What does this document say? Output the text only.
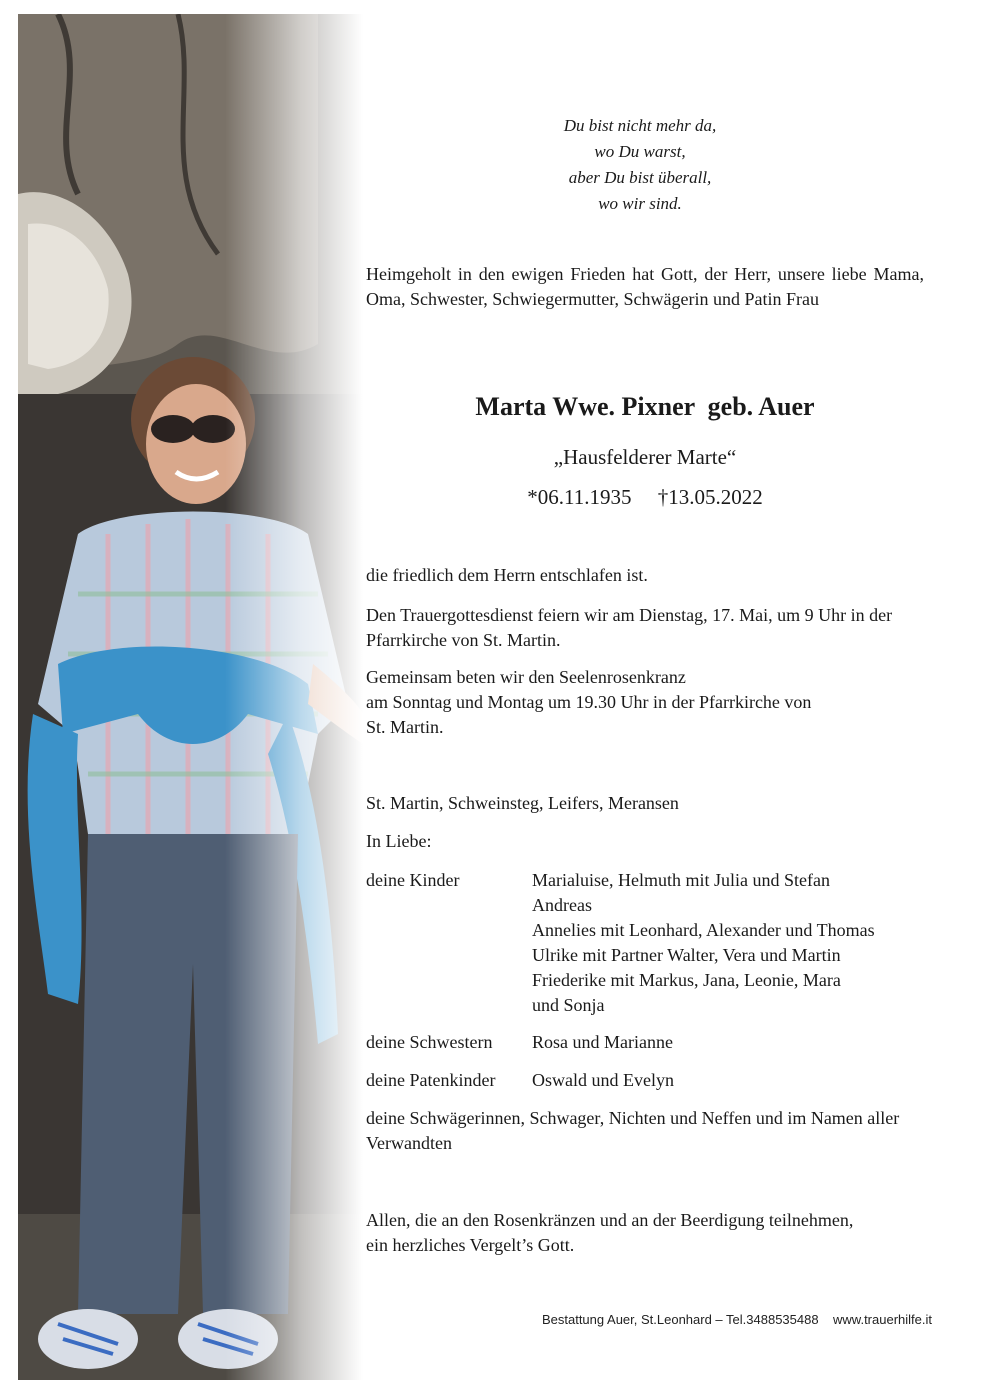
Du bist nicht mehr da,
wo Du warst,
aber Du bist überall,
wo wir sind.
Heimgeholt in den ewigen Frieden hat Gott, der Herr, unsere liebe Mama, Oma, Schwester, Schwiegermutter, Schwägerin und Patin Frau
Marta Wwe. Pixner  geb. Auer
„Hausfelderer Marte“
*06.11.1935     †13.05.2022
die friedlich dem Herrn entschlafen ist.
Den Trauergottesdienst feiern wir am Dienstag, 17. Mai, um 9 Uhr in der Pfarrkirche von St. Martin.
Gemeinsam beten wir den Seelenrosenkranz
am Sonntag und Montag um 19.30 Uhr in der Pfarrkirche von
St. Martin.
St. Martin, Schweinsteg, Leifers, Meransen
In Liebe:
deine Kinder	Marialuise, Helmuth mit Julia und Stefan
Andreas
Annelies mit Leonhard, Alexander und Thomas
Ulrike mit Partner Walter, Vera und Martin
Friederike mit Markus, Jana, Leonie, Mara
und Sonja
deine Schwestern	Rosa und Marianne
deine Patenkinder	Oswald und Evelyn
deine Schwägerinnen, Schwager, Nichten und Neffen und im Namen aller Verwandten
Allen, die an den Rosenkränzen und an der Beerdigung teilnehmen,
ein herzliches Vergelt’s Gott.
Bestattung Auer, St.Leonhard – Tel.3488535488    www.trauerhilfe.it
